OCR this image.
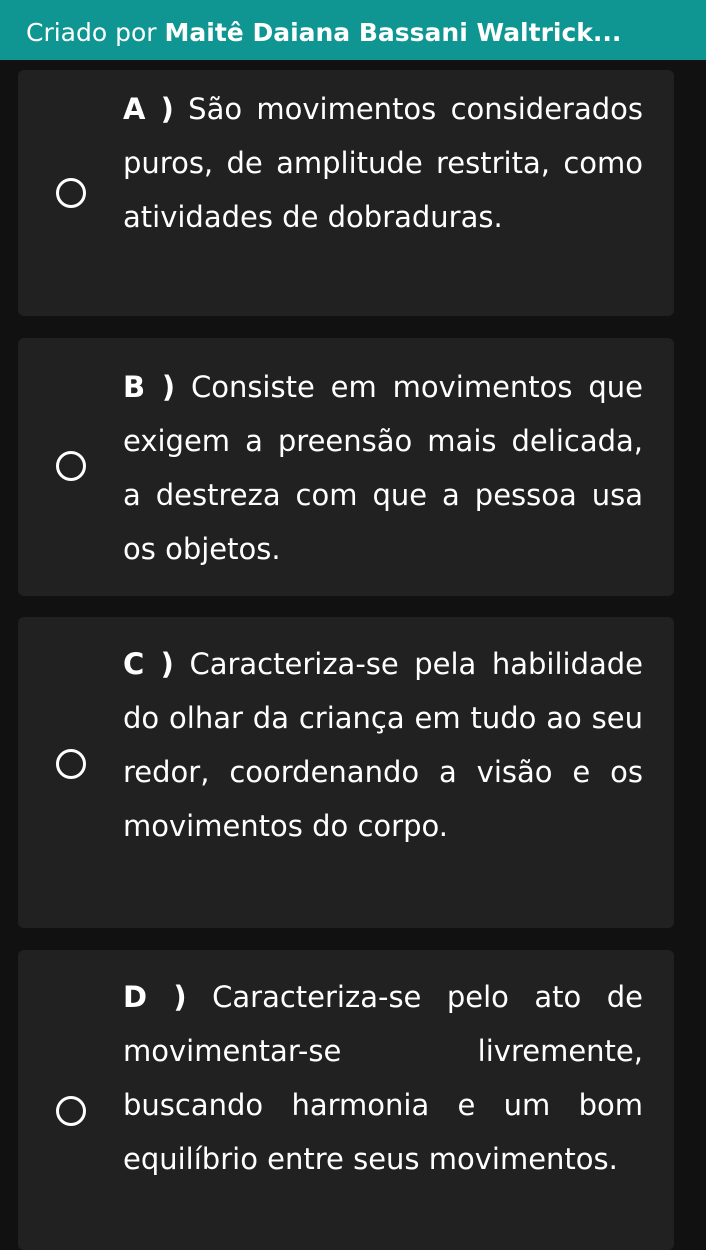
Criado por Maitê Daiana Bassani Waltrick...
A ) São movimentos considerados puros, de amplitude restrita, como atividades de dobraduras.
B ) Consiste em movimentos que exigem a preensão mais delicada, a destreza com que a pessoa usa os objetos.
C ) Caracteriza-se pela habilidade do olhar da criança em tudo ao seu redor, coordenando a visão e os movimentos do corpo.
D ) Caracteriza-se pelo ato de movimentar-se livremente, buscando harmonia e um bom equilíbrio entre seus movimentos.
